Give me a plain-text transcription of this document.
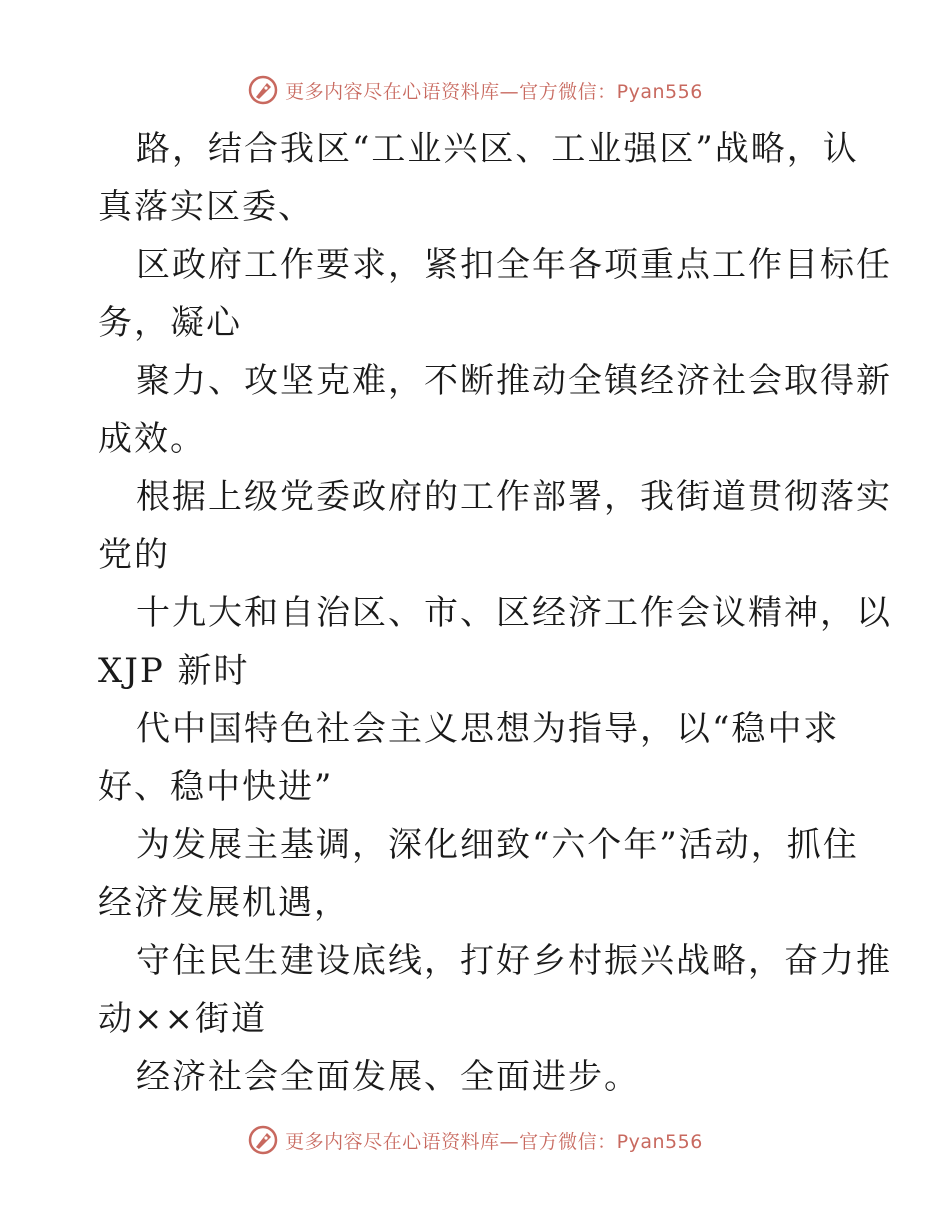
更多内容尽在心语资料库—官方微信：Pyan556
路，结合我区“工业兴区、工业强区”战略，认
真落实区委、
区政府工作要求，紧扣全年各项重点工作目标任
务，凝心
聚力、攻坚克难，不断推动全镇经济社会取得新
成效。
根据上级党委政府的工作部署，我街道贯彻落实
党的
十九大和自治区、市、区经济工作会议精神，以
XJP 新时
代中国特色社会主义思想为指导，以“稳中求
好、稳中快进”
为发展主基调，深化细致“六个年”活动，抓住
经济发展机遇，
守住民生建设底线，打好乡村振兴战略，奋力推
动××街道
经济社会全面发展、全面进步。
更多内容尽在心语资料库—官方微信：Pyan556
